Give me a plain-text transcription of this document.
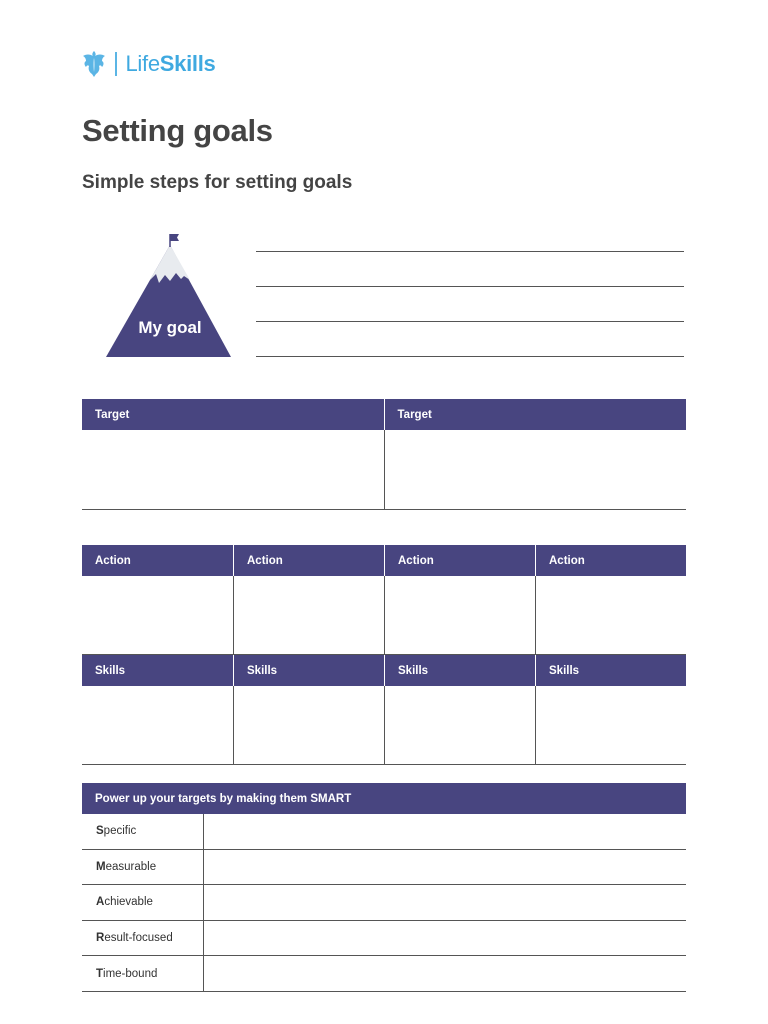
LifeSkills
Setting goals
Simple steps for setting goals
My goal
Target	Target
Action	Action	Action	Action
Skills	Skills	Skills	Skills
Power up your targets by making them SMART
S pecific
M easurable
A chievable
R esult-focused
T ime-bound
